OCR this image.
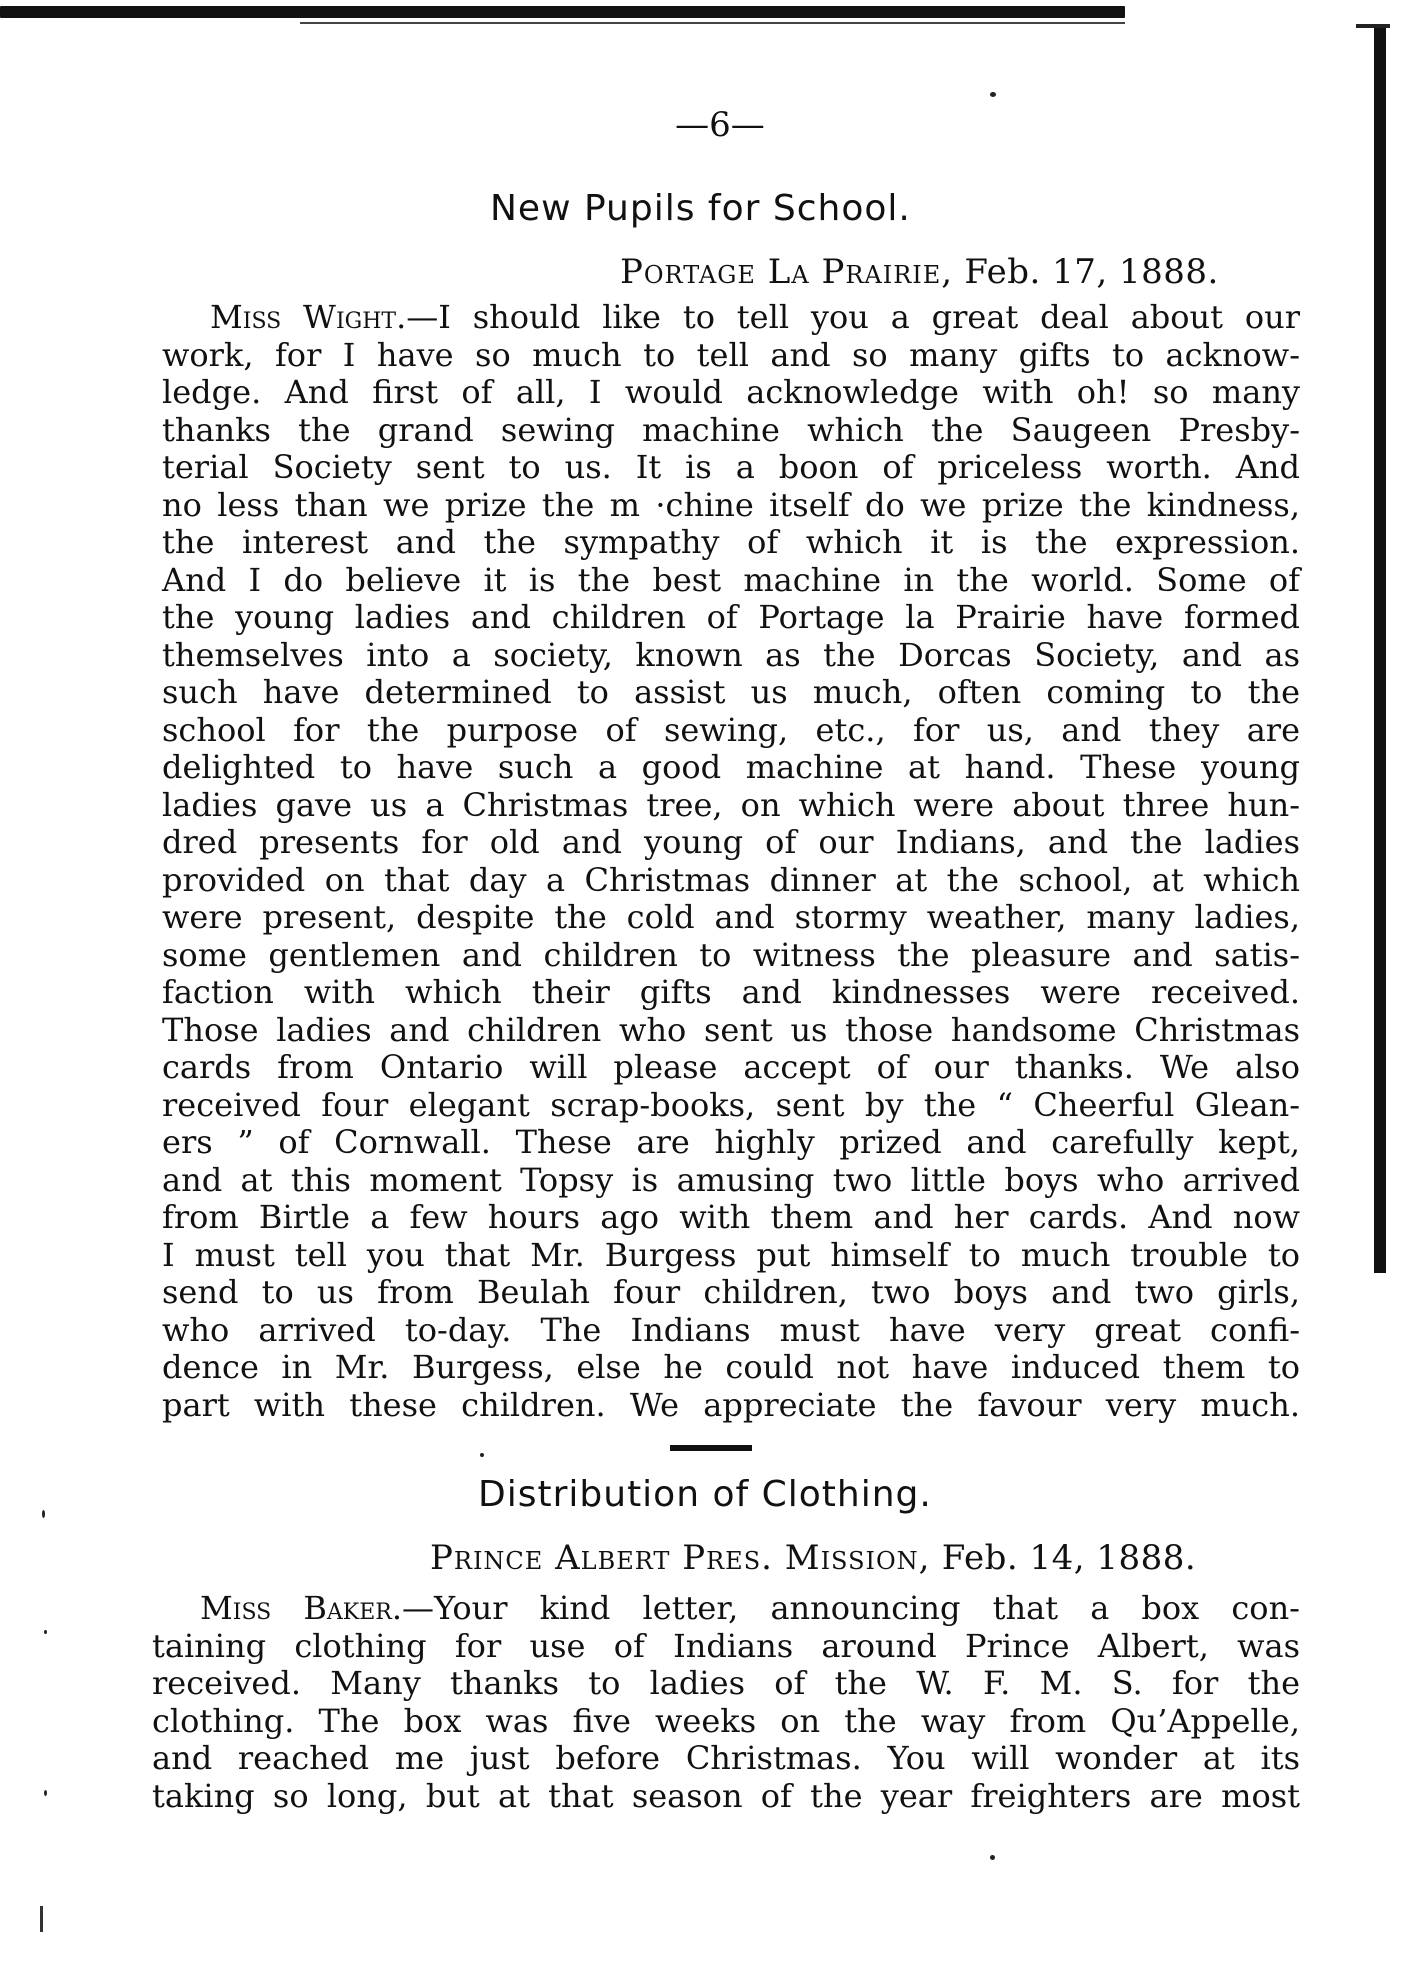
—6—
New Pupils for School.
Portage La Prairie, Feb. 17, 1888.
Miss Wight.—I should like to tell you a great deal about our
work, for I have so much to tell and so many gifts to acknow-
ledge. And first of all, I would acknowledge with oh! so many
thanks the grand sewing machine which the Saugeen Presby-
terial Society sent to us. It is a boon of priceless worth. And
no less than we prize the m ·chine itself do we prize the kindness,
the interest and the sympathy of which it is the expression.
And I do believe it is the best machine in the world. Some of
the young ladies and children of Portage la Prairie have formed
themselves into a society, known as the Dorcas Society, and as
such have determined to assist us much, often coming to the
school for the purpose of sewing, etc., for us, and they are
delighted to have such a good machine at hand. These young
ladies gave us a Christmas tree, on which were about three hun-
dred presents for old and young of our Indians, and the ladies
provided on that day a Christmas dinner at the school, at which
were present, despite the cold and stormy weather, many ladies,
some gentlemen and children to witness the pleasure and satis-
faction with which their gifts and kindnesses were received.
Those ladies and children who sent us those handsome Christmas
cards from Ontario will please accept of our thanks. We also
received four elegant scrap-books, sent by the “ Cheerful Glean-
ers ” of Cornwall. These are highly prized and carefully kept,
and at this moment Topsy is amusing two little boys who arrived
from Birtle a few hours ago with them and her cards. And now
I must tell you that Mr. Burgess put himself to much trouble to
send to us from Beulah four children, two boys and two girls,
who arrived to-day. The Indians must have very great confi-
dence in Mr. Burgess, else he could not have induced them to
part with these children. We appreciate the favour very much.
Distribution of Clothing.
Prince Albert Pres. Mission, Feb. 14, 1888.
Miss Baker.—Your kind letter, announcing that a box con-
taining clothing for use of Indians around Prince Albert, was
received. Many thanks to ladies of the W. F. M. S. for the
clothing. The box was five weeks on the way from Qu’Appelle,
and reached me just before Christmas. You will wonder at its
taking so long, but at that season of the year freighters are most
